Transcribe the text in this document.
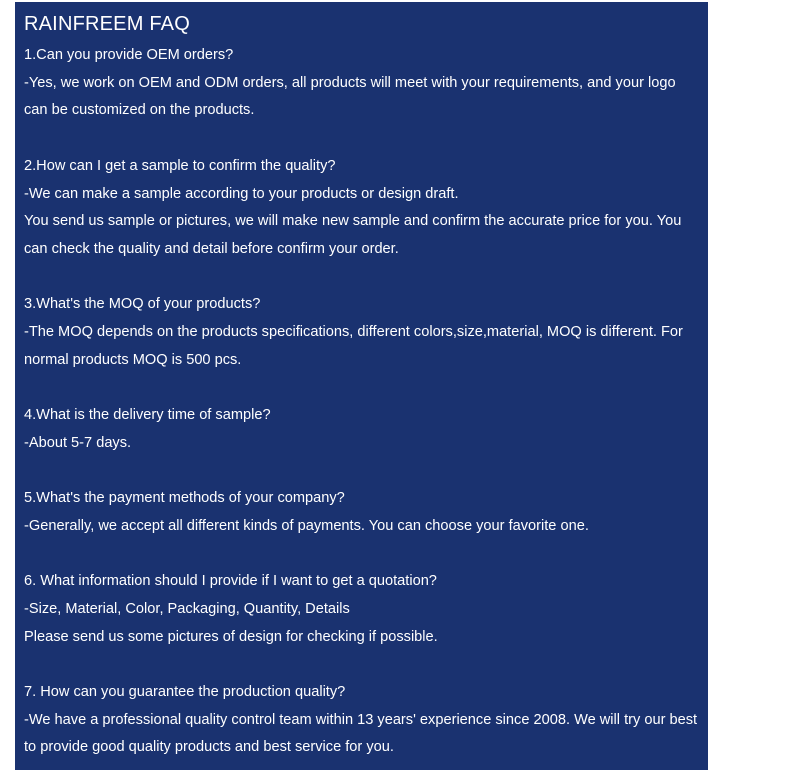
RAINFREEM FAQ

1.Can you provide OEM orders?

-Yes, we work on OEM and ODM orders, all products will meet with your requirements, and your logo can be customized on the products.

2.How can I get a sample to confirm the quality?

-We can make a sample according to your products or design draft.

You send us sample or pictures, we will make new sample and confirm the accurate price for you. You can check the quality and detail before confirm your order.

3.What's the MOQ of your products?

-The MOQ depends on the products specifications, different colors,size,material, MOQ is different. For normal products MOQ is 500 pcs.

4.What is the delivery time of sample?

-About 5-7 days.

5.What's the payment methods of your company?

-Generally, we accept all different kinds of payments. You can choose your favorite one.

6. What information should I provide if I want to get a quotation?

-Size, Material, Color, Packaging, Quantity, Details

Please send us some pictures of design for checking if possible.

7. How can you guarantee the production quality?

-We have a professional quality control team within 13 years' experience since 2008. We will try our best to provide good quality products and best service for you.
